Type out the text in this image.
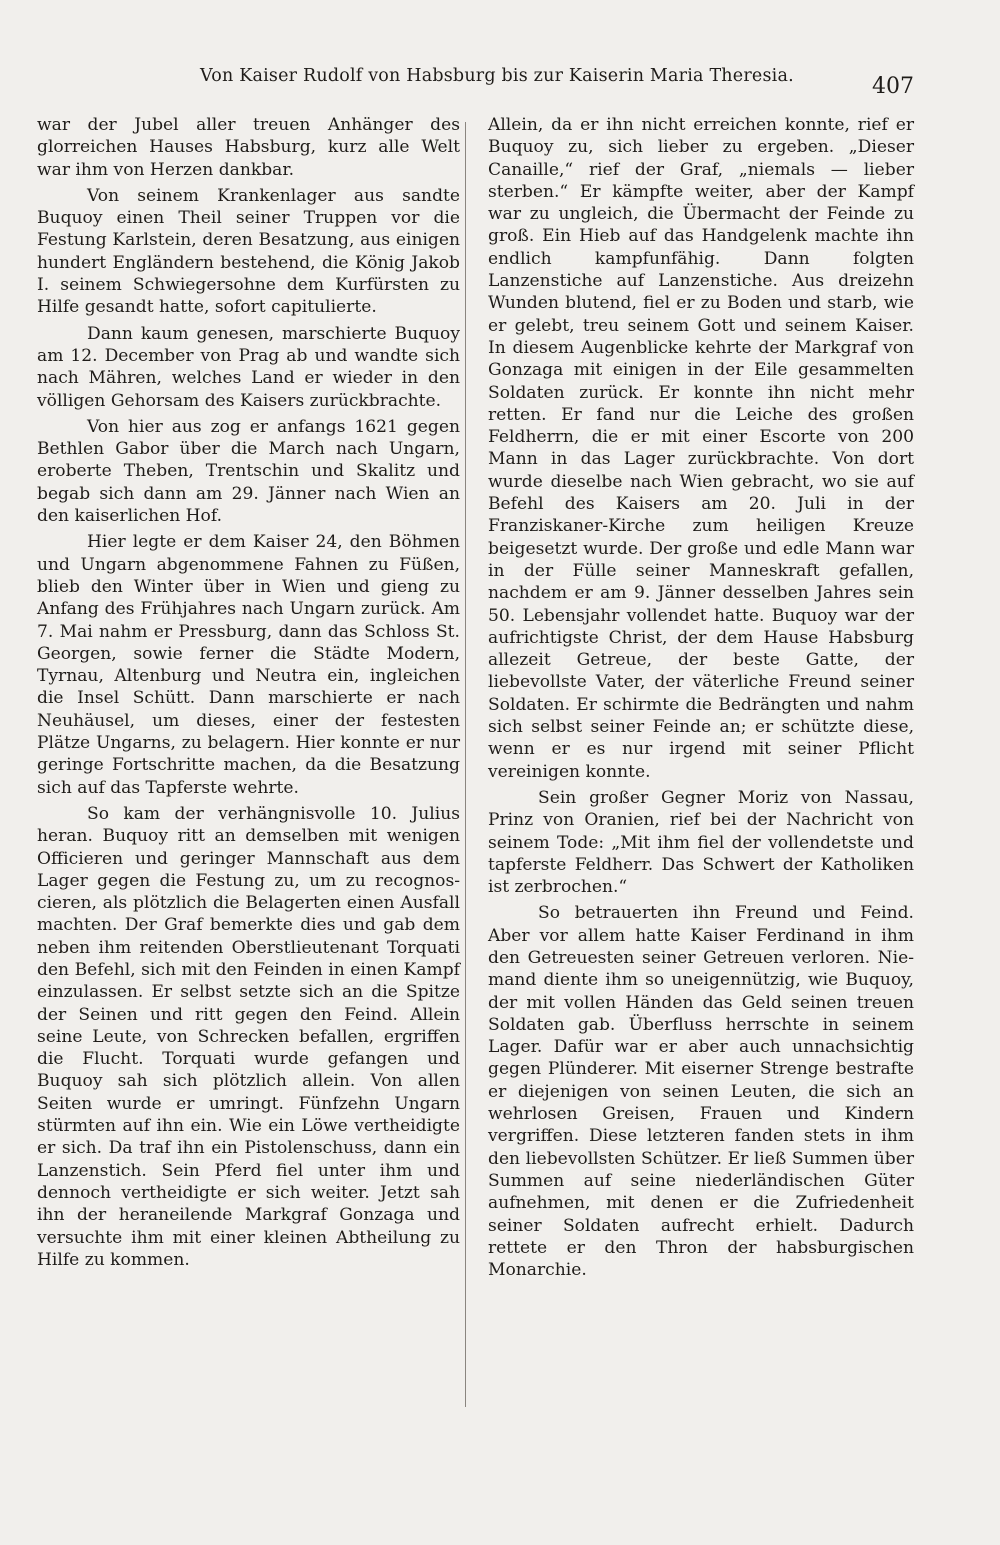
Von Kaiser Rudolf von Habsburg bis zur Kaiserin Maria Theresia.	407

war der Jubel aller treuen Anhänger des glorreichen Hauses Habsburg, kurz alle Welt war ihm von Herzen dankbar.

Von seinem Krankenlager aus sandte Buquoy einen Theil seiner Truppen vor die Festung Karlstein, deren Besatzung, aus einigen hundert Engländern bestehend, die König Jakob I. seinem Schwiegersohne dem Kurfürsten zu Hilfe gesandt hatte, sofort capitulierte.

Dann kaum genesen, marschierte Buquoy am 12. December von Prag ab und wandte sich nach Mähren, welches Land er wieder in den völligen Gehorsam des Kaisers zurückbrachte.

Von hier aus zog er anfangs 1621 gegen Bethlen Gabor über die March nach Ungarn, eroberte Theben, Trentschin und Skalitz und begab sich dann am 29. Jänner nach Wien an den kaiserlichen Hof.

Hier legte er dem Kaiser 24, den Böhmen und Ungarn abgenommene Fahnen zu Füßen, blieb den Winter über in Wien und gieng zu Anfang des Frühjahres nach Ungarn zurück. Am 7. Mai nahm er Pressburg, dann das Schloss St. Georgen, sowie ferner die Städte Modern, Tyrnau, Altenburg und Neutra ein, ingleichen die Insel Schütt. Dann marschierte er nach Neuhäusel, um dieses, einer der festesten Plätze Ungarns, zu belagern. Hier konnte er nur geringe Fortschritte machen, da die Besatzung sich auf das Tapferste wehrte.

So kam der verhängnisvolle 10. Julius heran. Buquoy ritt an demselben mit wenigen Officieren und geringer Mannschaft aus dem Lager gegen die Festung zu, um zu recognoscieren, als plötzlich die Belagerten einen Ausfall machten. Der Graf bemerkte dies und gab dem neben ihm reitenden Oberstlieutenant Torquati den Befehl, sich mit den Feinden in einen Kampf einzulassen. Er selbst setzte sich an die Spitze der Seinen und ritt gegen den Feind. Allein seine Leute, von Schrecken befallen, ergriffen die Flucht. Torquati wurde gefangen und Buquoy sah sich plötzlich allein. Von allen Seiten wurde er umringt. Fünfzehn Ungarn stürmten auf ihn ein. Wie ein Löwe vertheidigte er sich. Da traf ihn ein Pistolenschuss, dann ein Lanzenstich. Sein Pferd fiel unter ihm und dennoch vertheidigte er sich weiter. Jetzt sah ihn der heraneilende Markgraf Gonzaga und versuchte ihm mit einer kleinen Abtheilung zu Hilfe zu kommen.

Allein, da er ihn nicht erreichen konnte, rief er Buquoy zu, sich lieber zu ergeben. „Dieser Canaille,“ rief der Graf, „niemals — lieber sterben.“ Er kämpfte weiter, aber der Kampf war zu ungleich, die Übermacht der Feinde zu groß. Ein Hieb auf das Handgelenk machte ihn endlich kampfunfähig. Dann folgten Lanzenstiche auf Lanzenstiche. Aus dreizehn Wunden blutend, fiel er zu Boden und starb, wie er gelebt, treu seinem Gott und seinem Kaiser. In diesem Augenblicke kehrte der Markgraf von Gonzaga mit einigen in der Eile gesammelten Soldaten zurück. Er konnte ihn nicht mehr retten. Er fand nur die Leiche des großen Feldherrn, die er mit einer Escorte von 200 Mann in das Lager zurückbrachte. Von dort wurde dieselbe nach Wien gebracht, wo sie auf Befehl des Kaisers am 20. Juli in der Franziskaner-Kirche zum heiligen Kreuze beigesetzt wurde. Der große und edle Mann war in der Fülle seiner Manneskraft gefallen, nachdem er am 9. Jänner desselben Jahres sein 50. Lebensjahr vollendet hatte. Buquoy war der aufrichtigste Christ, der dem Hause Habsburg allezeit Getreue, der beste Gatte, der liebevollste Vater, der väterliche Freund seiner Soldaten. Er schirmte die Bedrängten und nahm sich selbst seiner Feinde an; er schützte diese, wenn er es nur irgend mit seiner Pflicht vereinigen konnte.

Sein großer Gegner Moriz von Nassau, Prinz von Oranien, rief bei der Nachricht von seinem Tode: „Mit ihm fiel der vollendetste und tapferste Feldherr. Das Schwert der Katholiken ist zerbrochen.“

So betrauerten ihn Freund und Feind. Aber vor allem hatte Kaiser Ferdinand in ihm den Getreuesten seiner Getreuen verloren. Niemand diente ihm so uneigennützig, wie Buquoy, der mit vollen Händen das Geld seinen treuen Soldaten gab. Überfluss herrschte in seinem Lager. Dafür war er aber auch unnachsichtig gegen Plünderer. Mit eiserner Strenge bestrafte er diejenigen von seinen Leuten, die sich an wehrlosen Greisen, Frauen und Kindern vergriffen. Diese letzteren fanden stets in ihm den liebevollsten Schützer. Er ließ Summen über Summen auf seine niederländischen Güter aufnehmen, mit denen er die Zufriedenheit seiner Soldaten aufrecht erhielt. Dadurch rettete er den Thron der habsburgischen Monarchie.
